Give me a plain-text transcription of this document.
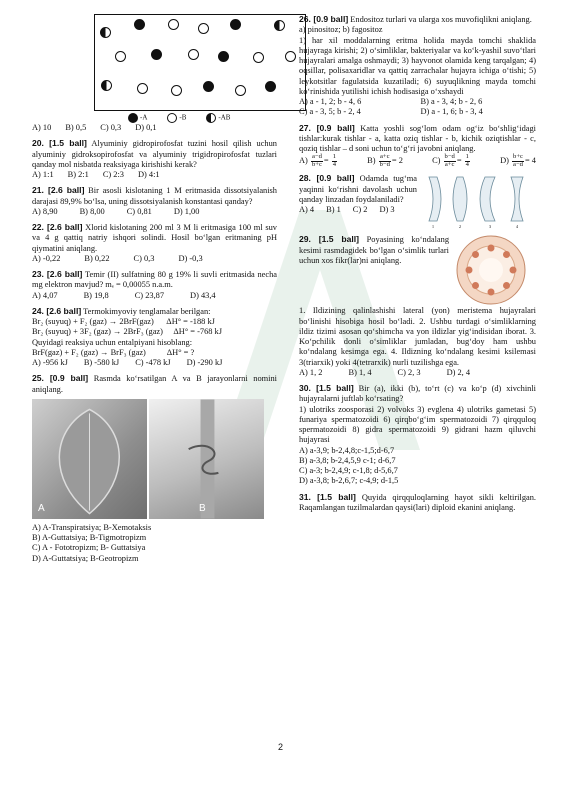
-A	-B	-AB
A) 10 B) 0,5 C) 0,3 D) 0,1

20. [1.5 ball] Alyuminiy gidropirofosfat tuzini hosil qilish uchun alyuminiy gidroksopirofosfat va alyuminiy trigidropirofosfat tuzlari qanday mol nisbatda reaksiyaga kirishishi kerak?

A) 1:1 B) 2:1 C) 2:3 D) 4:1

21. [2.6 ball] Bir asosli kislotaning 1 M eritmasida dissotsiyalanish darajasi 89,9% bo‘lsa, uning dissotsiyalanish konstantasi qanday?

A) 8,90	B) 8,00	C) 0,81	D) 1,00

22. [2.6 ball] Xlorid kislotaning 200 ml 3 M li eritmasiga 100 ml suv va 4 g qattiq natriy ishqori solindi. Hosil bo‘lgan eritmaning pH qiymatini aniqlang.

A) -0,22	B) 0,22	C) 0,3	D) -0,3

23. [2.6 ball] Temir (II) sulfatning 80 g 19% li suvli eritmasida necha mg elektron mavjud? mₑ = 0,00055 n.a.m.

A) 4,07	B) 19,8	C) 23,87	D) 43,4

24. [2.6 ball] Termokimyoviy tenglamalar berilgan:

Br₂ (suyuq) + F₂ (gaz) → 2BrF(gaz)      ΔH° = -188 kJ

Br₂ (suyuq) + 3F₂ (gaz) → 2BrF₃ (gaz)     ΔH° = -768 kJ

Quyidagi reaksiya uchun entalpiyani hisoblang:

BrF(gaz) + F₂ (gaz) → BrF₃ (gaz)          ΔH° = ?

A) -956 kJ B) -580 kJ C) -478 kJ D) -290 kJ

25. [0.9 ball] Rasmda ko‘rsatilgan A va B jarayonlarni nomini aniqlang.

A	B

A) A-Transpiratsiya; B-Xemotaksis

B) A-Guttatsiya; B-Tigmotropizm

C) A - Fototropizm; B- Guttatsiya

D) A-Guttatsiya; B-Geotropizm

26. [0.9 ball] Endositoz turlari va ularga xos muvofiqlikni aniqlang.

a) pinositoz; b) fagositoz

1) har xil moddalarning eritma holida mayda tomchi shaklida hujayraga kirishi; 2) o‘simliklar, bakteriyalar va ko‘k-yashil suvo‘tlari hujayralari amalga oshmaydi; 3) hayvonot olamida keng tarqalgan; 4) oqsillar, polisaxaridlar va qattiq zarrachalar hujayra ichiga o‘tishi; 5) leykotsitlar fagulatsida kuzatiladi; 6) suyuqlikning mayda tomchi ko‘rinishida yutilishi ichish hodisasiga o‘xshaydi

A) a - 1, 2; b - 4, 6	B) a - 3, 4; b - 2, 6
C) a - 3, 5; b - 2, 4	D) a - 1, 6; b - 3, 4

27. [0.9 ball] Katta yoshli sog‘lom odam og‘iz bo‘shlig‘idagi tishlar:kurak tishlar - a, katta oziq tishlar - b, kichik oziqtishlar - c, qoziq tishlar – d soni uchun to‘g‘ri javobni aniqlang.

$A) \frac{a-d}{b+c} = \frac{1}{4}$	$B) \frac{a+c}{b-d} = 2$	$C) \frac{b-d}{a+c} = \frac{1}{4}$	$D) \frac{b+c}{a-d} = 4$

28. [0.9 ball] Odamda tug‘ma yaqinni ko‘rishni davolash uchun qanday linzadan foydalaniladi?

A) 4 B) 1 C) 2 D) 3
1	2	3	4

29. [1.5 ball] Poyasining ko‘ndalang kesimi rasmdagidek bo‘lgan o‘simlik turlari uchun xos fikr(lar)ni aniqlang.

1. Ildizining qalinlashishi lateral (yon) meristema hujayralari bo‘linishi hisobiga hosil bo‘ladi. 2. Ushbu turdagi o‘simliklarning ildiz tizimi asosan qo‘shimcha va yon ildizlar yig‘indisidan iborat. 3. Ko‘pchilik donli o‘simliklar jumladan, bug‘doy ham ushbu ko‘ndalang kesimga ega. 4. Ildizning ko‘ndalang kesimi ksilemasi 3(triarxik) yoki 4(tetrarxik) nurli tuzilishga ega.

A) 1, 2	B) 1, 4	C) 2, 3	D) 2, 4

30. [1.5 ball] Bir (a), ikki (b), to‘rt (c) va ko‘p (d) xivchinli hujayralarni juftlab ko‘rsating?

1) ulotriks zoosporasi 2) volvoks 3) evglena 4) ulotriks gametasi 5) funariya spermatozoidi 6) qirqbo‘g‘im spermatozoidi 7) qirqquloq spermatozoidi 8) gidra spermatozoidi 9) gidrani hazm qiluvchi hujayrasi

A) a-3,9; b-2,4,8;c-1,5;d-6,7

B) a-3,8; b-2,4,5,9 c-1; d-6,7

C) a-3; b-2,4,9; c-1,8; d-5,6,7

D) a-3,8; b-2,6,7; c-4,9; d-1,5

31. [1.5 ball] Quyida qirqquloqlarning hayot sikli keltirilgan. Raqamlangan tuzilmalardan qaysi(lari) diploid ekanini aniqlang.

2
